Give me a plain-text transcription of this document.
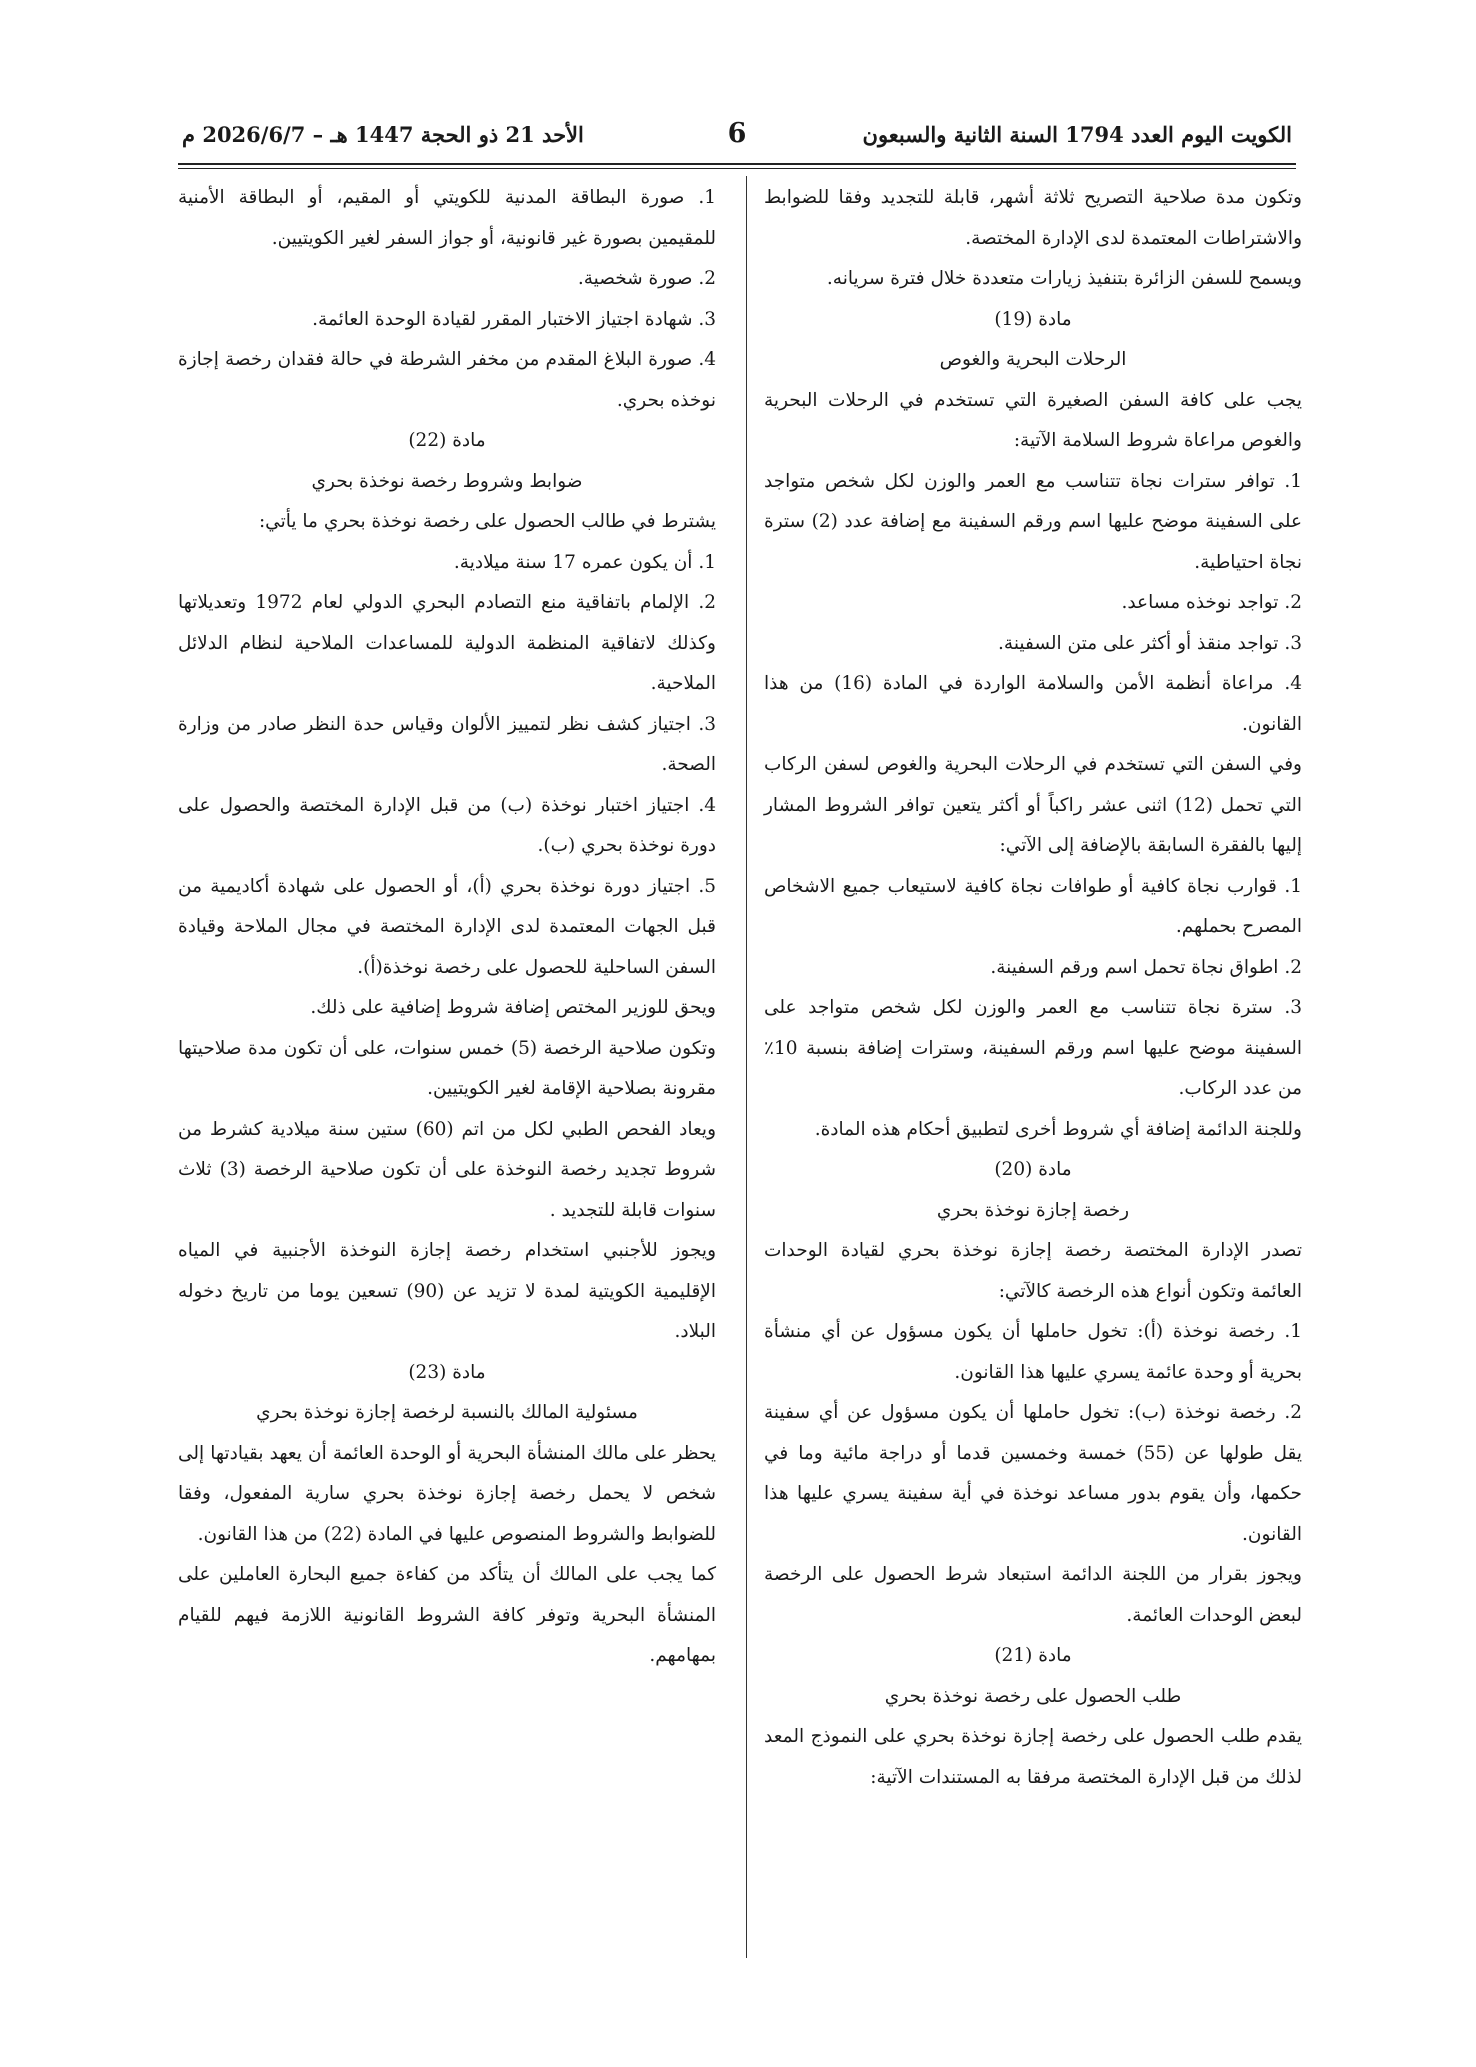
الكويت اليوم العدد 1794 السنة الثانية والسبعون
6
الأحد 21 ذو الحجة 1447 هـ – 2026/6/7 م

وتكون مدة صلاحية التصريح ثلاثة أشهر، قابلة للتجديد وفقا للضوابط والاشتراطات المعتمدة لدى الإدارة المختصة.

ويسمح للسفن الزائرة بتنفيذ زيارات متعددة خلال فترة سريانه.

مادة (19)

الرحلات البحرية والغوص

يجب على كافة السفن الصغيرة التي تستخدم في الرحلات البحرية والغوص مراعاة شروط السلامة الآتية:

1. توافر سترات نجاة تتناسب مع العمر والوزن لكل شخص متواجد على السفينة موضح عليها اسم ورقم السفينة مع إضافة عدد (2) سترة نجاة احتياطية.

2. تواجد نوخذه مساعد.

3. تواجد منقذ أو أكثر على متن السفينة.

4. مراعاة أنظمة الأمن والسلامة الواردة في المادة (16) من هذا القانون.

وفي السفن التي تستخدم في الرحلات البحرية والغوص لسفن الركاب التي تحمل (12) اثنى عشر راكباً أو أكثر يتعين توافر الشروط المشار إليها بالفقرة السابقة بالإضافة إلى الآتي:

1. قوارب نجاة كافية أو طوافات نجاة كافية لاستيعاب جميع الاشخاص المصرح بحملهم.

2. اطواق نجاة تحمل اسم ورقم السفينة.

3. سترة نجاة تتناسب مع العمر والوزن لكل شخص متواجد على السفينة موضح عليها اسم ورقم السفينة، وسترات إضافة بنسبة 10٪ من عدد الركاب.

وللجنة الدائمة إضافة أي شروط أخرى لتطبيق أحكام هذه المادة.

مادة (20)

رخصة إجازة نوخذة بحري

تصدر الإدارة المختصة رخصة إجازة نوخذة بحري لقيادة الوحدات العائمة وتكون أنواع هذه الرخصة كالآتي:

1. رخصة نوخذة (أ): تخول حاملها أن يكون مسؤول عن أي منشأة بحرية أو وحدة عائمة يسري عليها هذا القانون.

2. رخصة نوخذة (ب): تخول حاملها أن يكون مسؤول عن أي سفينة يقل طولها عن (55) خمسة وخمسين قدما أو دراجة مائية وما في حكمها، وأن يقوم بدور مساعد نوخذة في أية سفينة يسري عليها هذا القانون.

ويجوز بقرار من اللجنة الدائمة استبعاد شرط الحصول على الرخصة لبعض الوحدات العائمة.

مادة (21)

طلب الحصول على رخصة نوخذة بحري

يقدم طلب الحصول على رخصة إجازة نوخذة بحري على النموذج المعد لذلك من قبل الإدارة المختصة مرفقا به المستندات الآتية:

1. صورة البطاقة المدنية للكويتي أو المقيم، أو البطاقة الأمنية للمقيمين بصورة غير قانونية، أو جواز السفر لغير الكويتيين.

2. صورة شخصية.

3. شهادة اجتياز الاختبار المقرر لقيادة الوحدة العائمة.

4. صورة البلاغ المقدم من مخفر الشرطة في حالة فقدان رخصة إجازة نوخذه بحري.

مادة (22)

ضوابط وشروط رخصة نوخذة بحري

يشترط في طالب الحصول على رخصة نوخذة بحري ما يأتي:

1. أن يكون عمره 17 سنة ميلادية.

2. الإلمام باتفاقية منع التصادم البحري الدولي لعام 1972 وتعديلاتها وكذلك لاتفاقية المنظمة الدولية للمساعدات الملاحية لنظام الدلائل الملاحية.

3. اجتياز كشف نظر لتمييز الألوان وقياس حدة النظر صادر من وزارة الصحة.

4. اجتياز اختبار نوخذة (ب) من قبل الإدارة المختصة والحصول على دورة نوخذة بحري (ب).

5. اجتياز دورة نوخذة بحري (أ)، أو الحصول على شهادة أكاديمية من قبل الجهات المعتمدة لدى الإدارة المختصة في مجال الملاحة وقيادة السفن الساحلية للحصول على رخصة نوخذة(أ).

ويحق للوزير المختص إضافة شروط إضافية على ذلك.

وتكون صلاحية الرخصة (5) خمس سنوات، على أن تكون مدة صلاحيتها مقرونة بصلاحية الإقامة لغير الكويتيين.

ويعاد الفحص الطبي لكل من اتم (60) ستين سنة ميلادية كشرط من شروط تجديد رخصة النوخذة على أن تكون صلاحية الرخصة (3) ثلاث سنوات قابلة للتجديد .

ويجوز للأجنبي استخدام رخصة إجازة النوخذة الأجنبية في المياه الإقليمية الكويتية لمدة لا تزيد عن (90) تسعين يوما من تاريخ دخوله البلاد.

مادة (23)

مسئولية المالك بالنسبة لرخصة إجازة نوخذة بحري

يحظر على مالك المنشأة البحرية أو الوحدة العائمة أن يعهد بقيادتها إلى شخص لا يحمل رخصة إجازة نوخذة بحري سارية المفعول، وفقا للضوابط والشروط المنصوص عليها في المادة (22) من هذا القانون.

كما يجب على المالك أن يتأكد من كفاءة جميع البحارة العاملين على المنشأة البحرية وتوفر كافة الشروط القانونية اللازمة فيهم للقيام بمهامهم.
